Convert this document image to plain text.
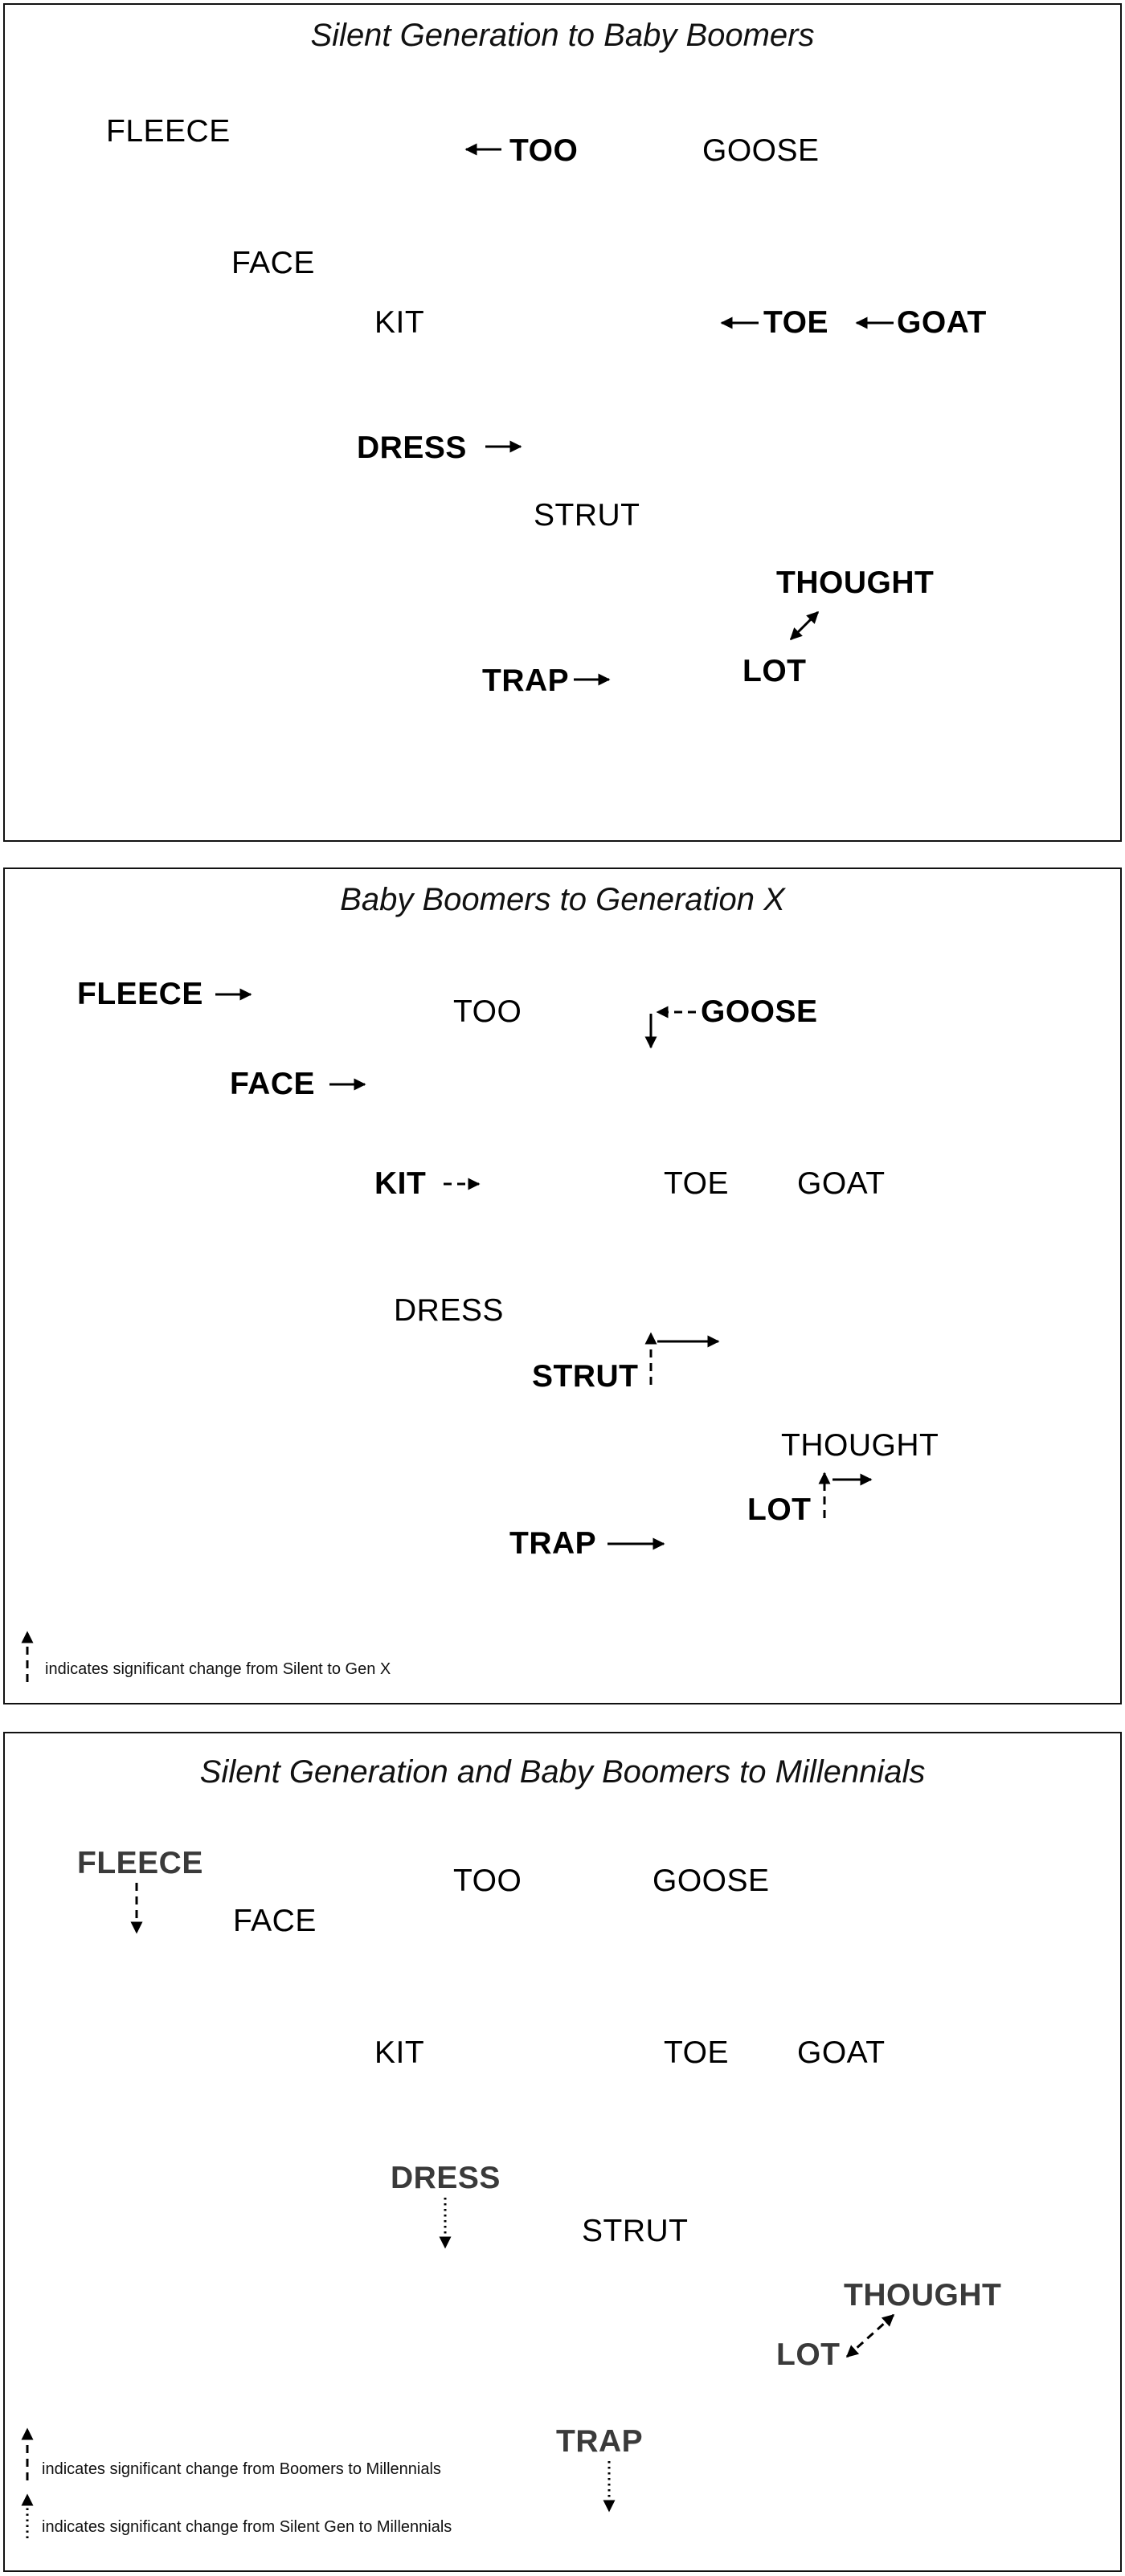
Silent Generation to Baby Boomers
FLEECE
TOO	GOOSE
FACE
KIT	TOE GOAT
DRESS
STRUT
THOUGHT
LOT
TRAP
Baby Boomers to Generation X
FLEECE
TOO	GOOSE
FACE
KIT	TOE GOAT
DRESS
STRUT
THOUGHT
LOT
TRAP
indicates significant change from Silent to Gen X
Silent Generation and Baby Boomers to Millennials
FLEECE
TOO	GOOSE
FACE
KIT	TOE GOAT
DRESS
STRUT
THOUGHT
LOT
TRAP
indicates significant change from Boomers to Millennials
indicates significant change from Silent Gen to Millennials
